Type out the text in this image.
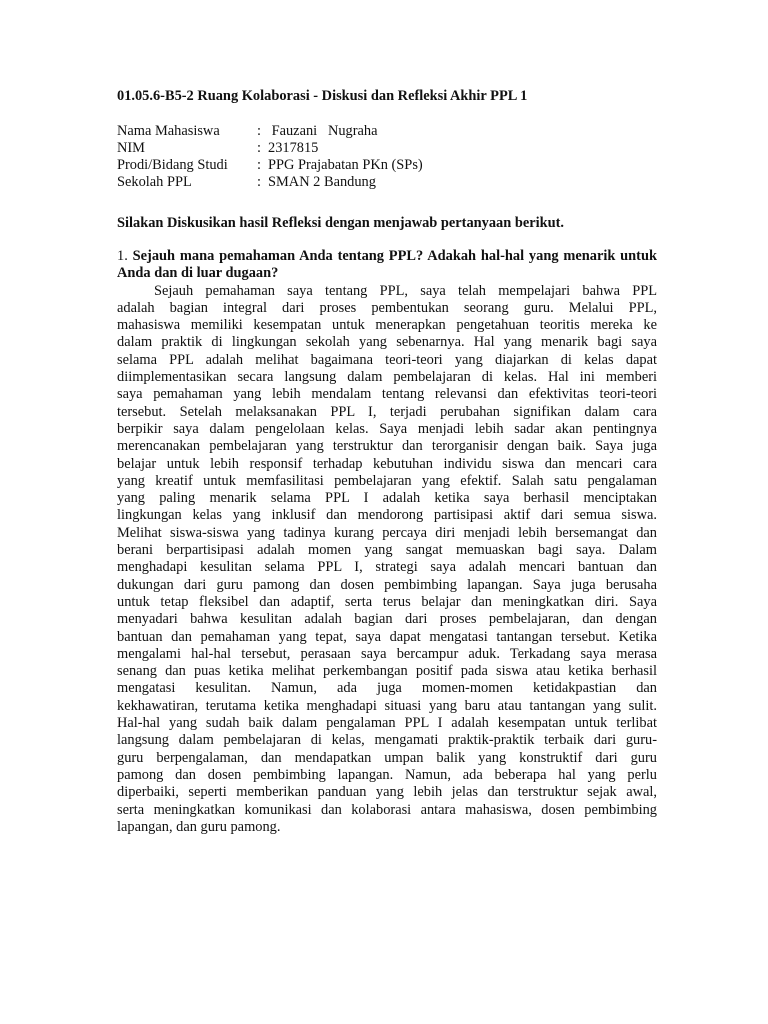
01.05.6-B5-2 Ruang Kolaborasi - Diskusi dan Refleksi Akhir PPL 1
Nama Mahasiswa	: Fauzani   Nugraha
NIM	: 2317815
Prodi/Bidang Studi : PPG Prajabatan PKn (SPs)
Sekolah PPL	: SMAN 2 Bandung
Silakan Diskusikan hasil Refleksi dengan menjawab pertanyaan berikut.
1. Sejauh mana pemahaman Anda tentang PPL? Adakah hal-hal yang menarik untuk Anda dan di luar dugaan?
Sejauh pemahaman saya tentang PPL, saya telah mempelajari bahwa PPL
adalah bagian integral dari proses pembentukan seorang guru. Melalui PPL,
mahasiswa memiliki kesempatan untuk menerapkan pengetahuan teoritis mereka ke
dalam praktik di lingkungan sekolah yang sebenarnya. Hal yang menarik bagi saya
selama PPL adalah melihat bagaimana teori-teori yang diajarkan di kelas dapat
diimplementasikan secara langsung dalam pembelajaran di kelas. Hal ini memberi
saya pemahaman yang lebih mendalam tentang relevansi dan efektivitas teori-teori
tersebut. Setelah melaksanakan PPL I, terjadi perubahan signifikan dalam cara
berpikir saya dalam pengelolaan kelas. Saya menjadi lebih sadar akan pentingnya
merencanakan pembelajaran yang terstruktur dan terorganisir dengan baik. Saya juga
belajar untuk lebih responsif terhadap kebutuhan individu siswa dan mencari cara
yang kreatif untuk memfasilitasi pembelajaran yang efektif. Salah satu pengalaman
yang paling menarik selama PPL I adalah ketika saya berhasil menciptakan
lingkungan kelas yang inklusif dan mendorong partisipasi aktif dari semua siswa.
Melihat siswa-siswa yang tadinya kurang percaya diri menjadi lebih bersemangat dan
berani berpartisipasi adalah momen yang sangat memuaskan bagi saya. Dalam
menghadapi kesulitan selama PPL I, strategi saya adalah mencari bantuan dan
dukungan dari guru pamong dan dosen pembimbing lapangan. Saya juga berusaha
untuk tetap fleksibel dan adaptif, serta terus belajar dan meningkatkan diri. Saya
menyadari bahwa kesulitan adalah bagian dari proses pembelajaran, dan dengan
bantuan dan pemahaman yang tepat, saya dapat mengatasi tantangan tersebut. Ketika
mengalami hal-hal tersebut, perasaan saya bercampur aduk. Terkadang saya merasa
senang dan puas ketika melihat perkembangan positif pada siswa atau ketika berhasil
mengatasi kesulitan. Namun, ada juga momen-momen ketidakpastian dan
kekhawatiran, terutama ketika menghadapi situasi yang baru atau tantangan yang sulit.
Hal-hal yang sudah baik dalam pengalaman PPL I adalah kesempatan untuk terlibat
langsung dalam pembelajaran di kelas, mengamati praktik-praktik terbaik dari guru-
guru berpengalaman, dan mendapatkan umpan balik yang konstruktif dari guru
pamong dan dosen pembimbing lapangan. Namun, ada beberapa hal yang perlu
diperbaiki, seperti memberikan panduan yang lebih jelas dan terstruktur sejak awal,
serta meningkatkan komunikasi dan kolaborasi antara mahasiswa, dosen pembimbing
lapangan, dan guru pamong.
